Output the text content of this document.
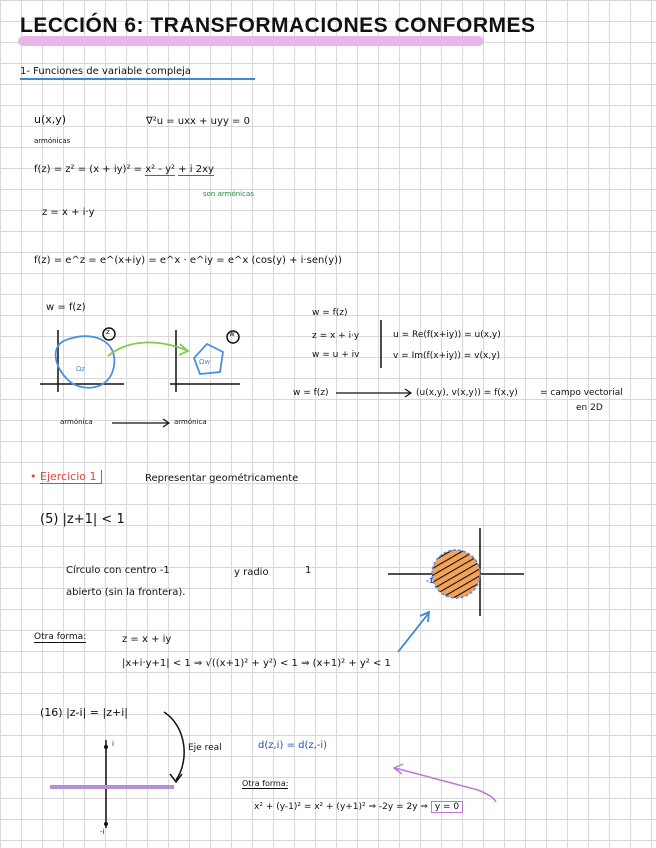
LECCIÓN 6: TRANSFORMACIONES CONFORMES
1- Funciones de variable compleja
u(x,y)	∇²u = uxx + uyy = 0
armónicas
f(z) = z² = (x + iy)² = x² - y² + i 2xy
son armónicas
z = x + i·y
f(z) = e^z = e^(x+iy) = e^x · e^iy = e^x (cos(y) + i·sen(y))
w = f(z)
z	w
Ωz
Ωw
armónica	armónica
w = f(z)
z = x + i·y
w = u + iv
u = Re(f(x+iy)) = u(x,y)
v = Im(f(x+iy)) = v(x,y)
w = f(z)	(u(x,y), v(x,y)) = f(x,y) = campo vectorial
en 2D
• Ejercicio 1	Representar geométricamente
(5) |z+1| < 1
Círculo con centro -1	y radio	1
abierto (sin la frontera).
-1
Otra forma:	z = x + iy
|x+i·y+1| < 1 ⇒ √((x+1)² + y²) < 1 ⇒ (x+1)² + y² < 1
(16) |z-i| = |z+i|
i
-i
Eje real	d(z,i) = d(z,-i)
Otra forma:
x² + (y-1)² = x² + (y+1)² ⇒ -2y = 2y ⇒ y = 0
